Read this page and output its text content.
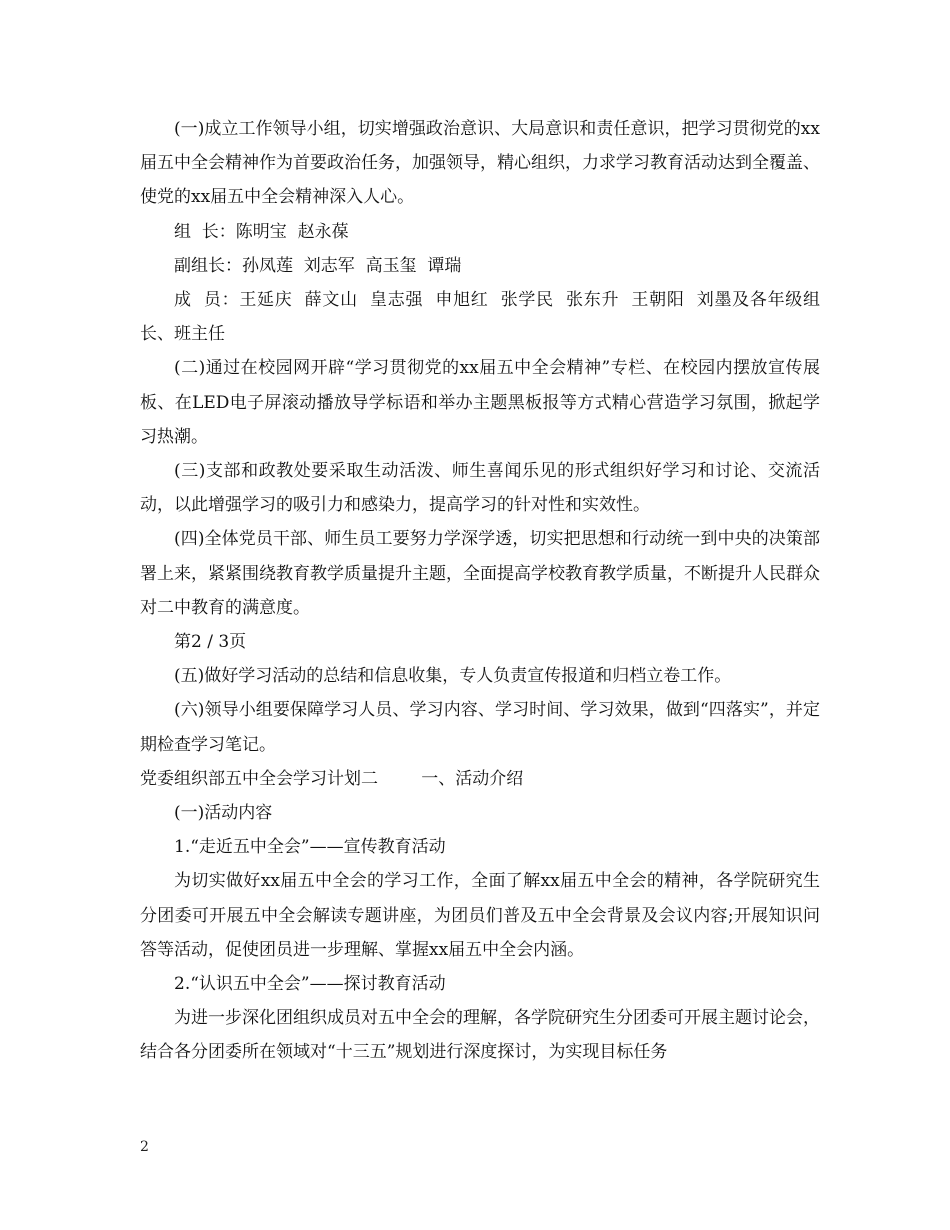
(一)成立工作领导小组，切实增强政治意识、大局意识和责任意识，把学习贯彻党的xx届五中全会精神作为首要政治任务，加强领导，精心组织，力求学习教育活动达到全覆盖、使党的xx届五中全会精神深入人心。

组  长：陈明宝  赵永葆

副组长：孙凤莲  刘志军  高玉玺  谭瑞

成  员：王延庆  薛文山  皇志强  申旭红  张学民  张东升  王朝阳  刘墨及各年级组长、班主任

(二)通过在校园网开辟“学习贯彻党的xx届五中全会精神”专栏、在校园内摆放宣传展板、在LED电子屏滚动播放导学标语和举办主题黑板报等方式精心营造学习氛围，掀起学习热潮。

(三)支部和政教处要采取生动活泼、师生喜闻乐见的形式组织好学习和讨论、交流活动，以此增强学习的吸引力和感染力，提高学习的针对性和实效性。

(四)全体党员干部、师生员工要努力学深学透，切实把思想和行动统一到中央的决策部署上来，紧紧围绕教育教学质量提升主题，全面提高学校教育教学质量，不断提升人民群众对二中教育的满意度。

第2 / 3页

(五)做好学习活动的总结和信息收集，专人负责宣传报道和归档立卷工作。

(六)领导小组要保障学习人员、学习内容、学习时间、学习效果，做到“四落实”，并定期检查学习笔记。

党委组织部五中全会学习计划二        一、活动介绍

(一)活动内容

1.“走近五中全会”——宣传教育活动

为切实做好xx届五中全会的学习工作，全面了解xx届五中全会的精神，各学院研究生分团委可开展五中全会解读专题讲座，为团员们普及五中全会背景及会议内容;开展知识问答等活动，促使团员进一步理解、掌握xx届五中全会内涵。

2.“认识五中全会”——探讨教育活动

为进一步深化团组织成员对五中全会的理解，各学院研究生分团委可开展主题讨论会，结合各分团委所在领域对“十三五”规划进行深度探讨，为实现目标任务

2
